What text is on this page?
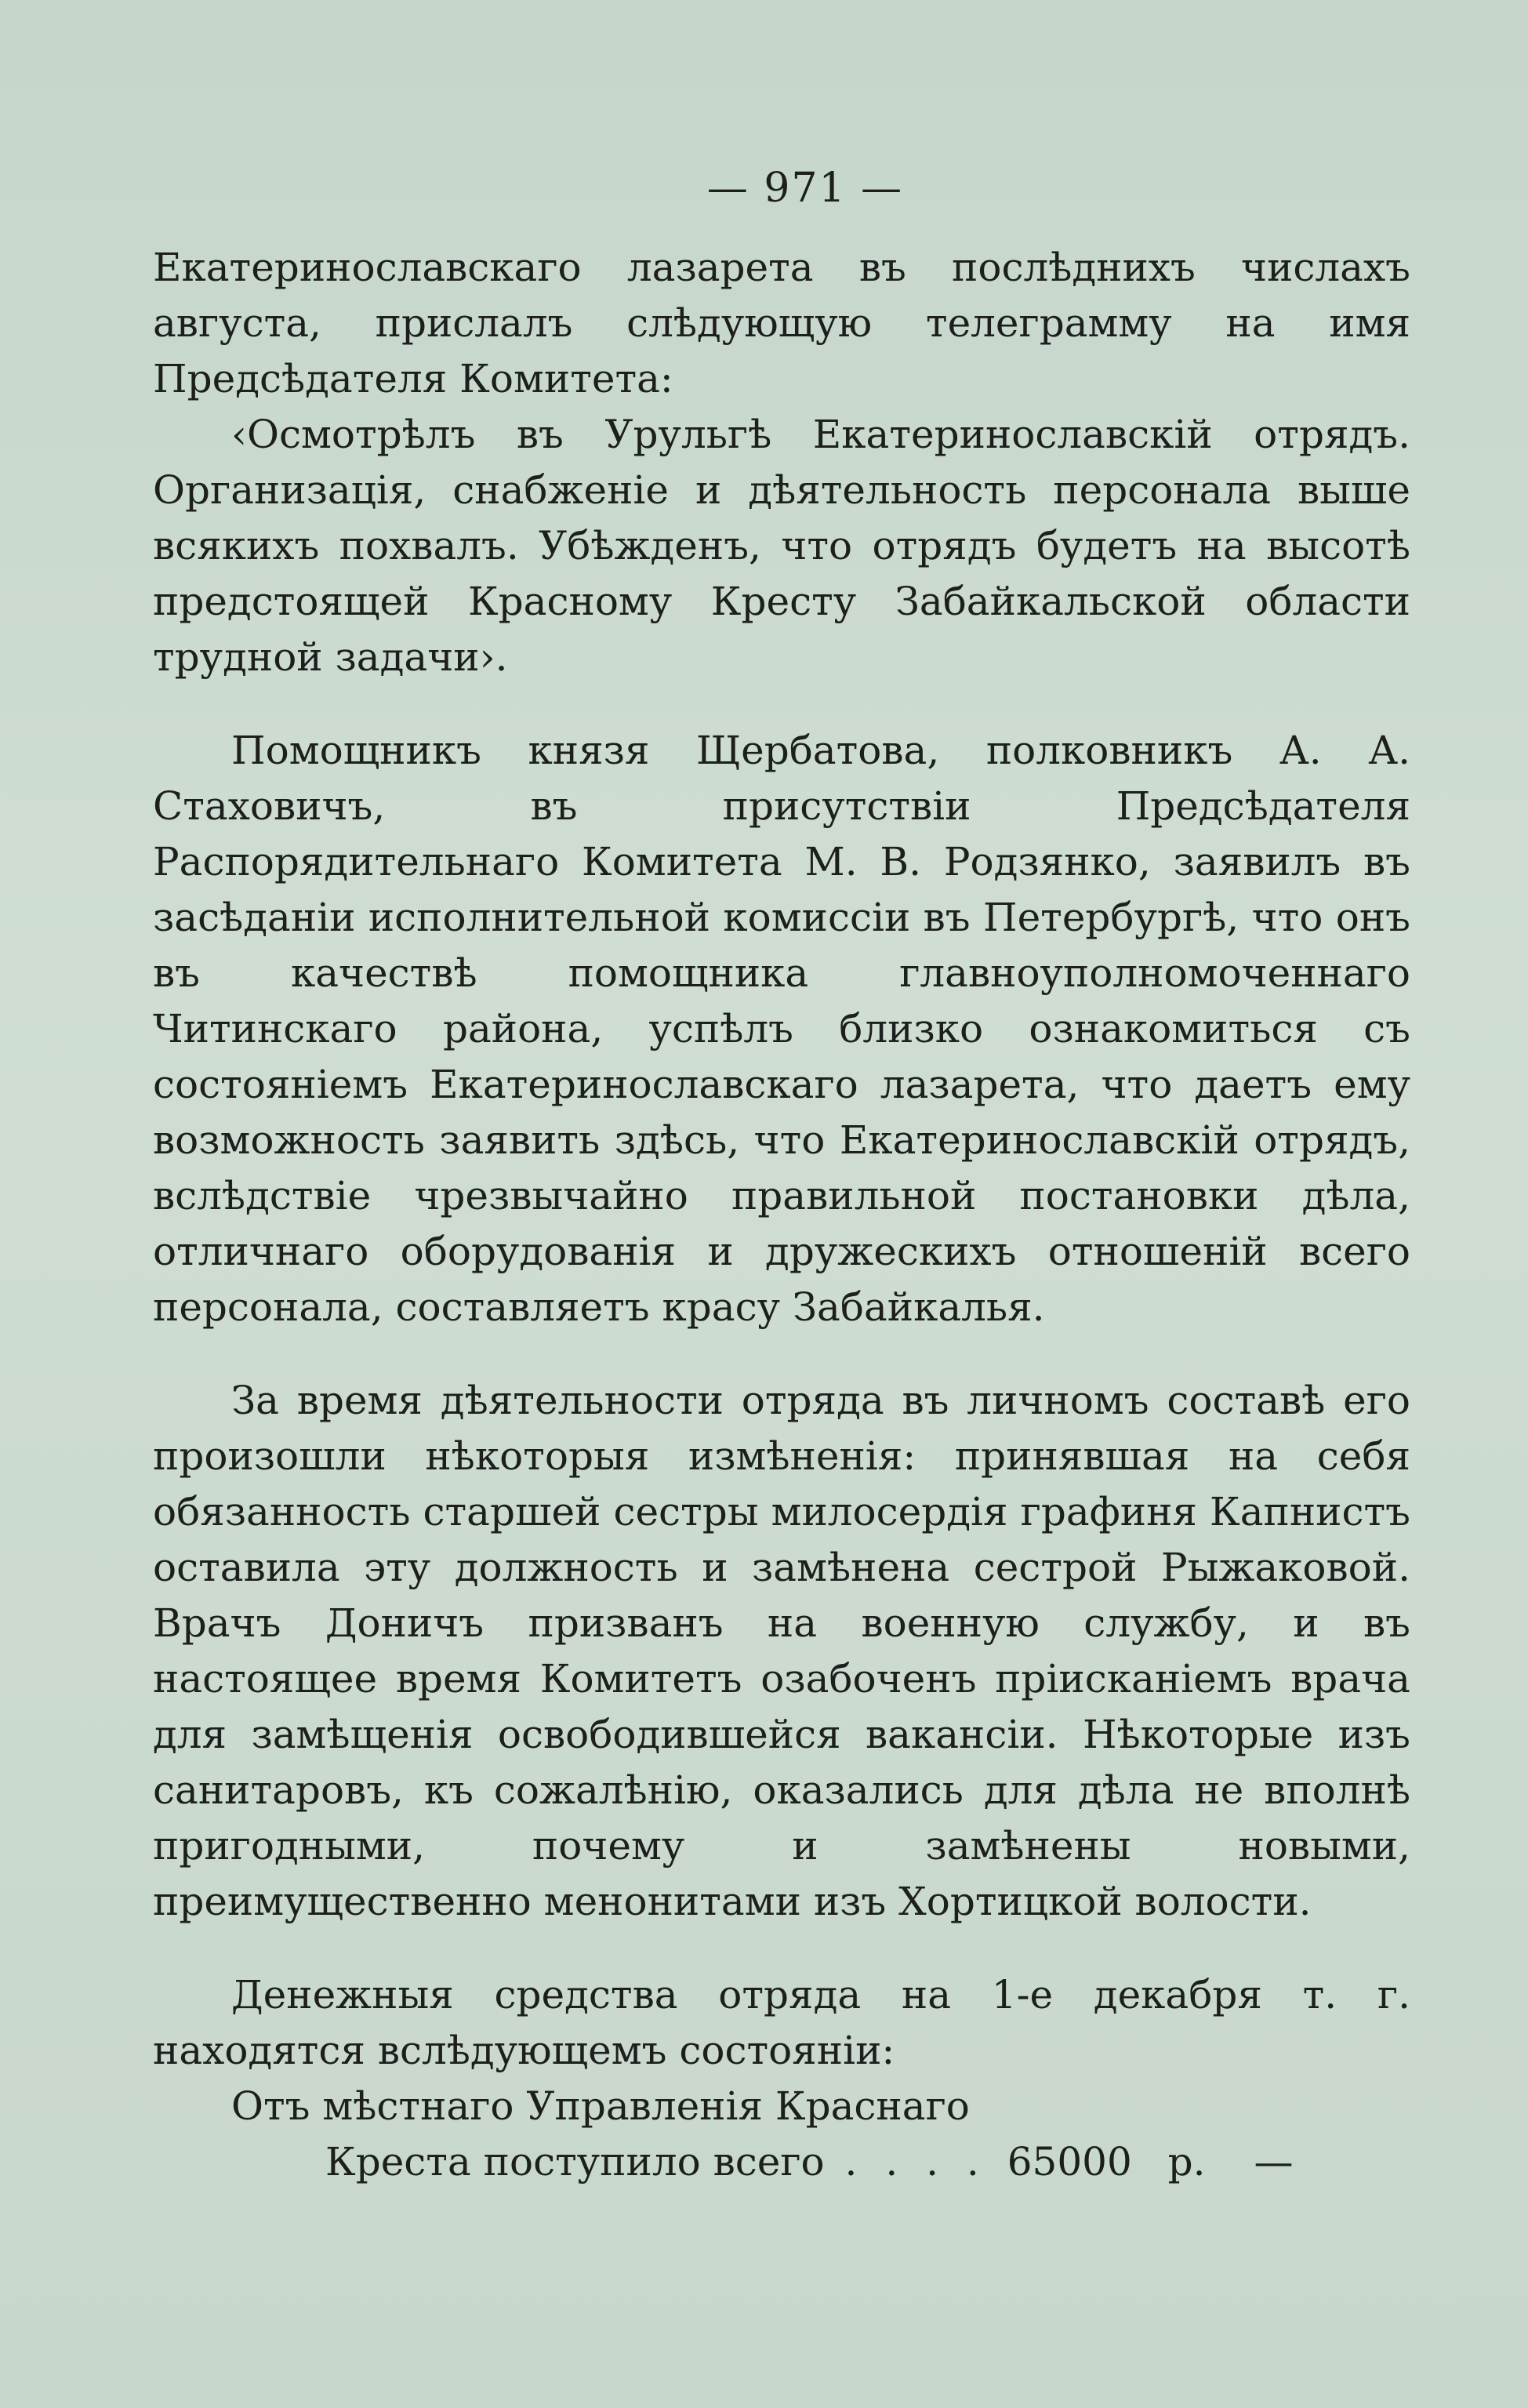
— 971 —

Екатеринославскаго лазарета въ послѣднихъ числахъ августа, прислалъ слѣдующую телеграмму на имя Предсѣдателя Комитета:

‹Осмотрѣлъ въ Урульгѣ Екатеринославскiй отрядъ. Организацiя, снабженiе и дѣятельность персонала выше всякихъ похвалъ. Убѣжденъ, что отрядъ будетъ на высотѣ предстоящей Красному Кресту Забайкальской области трудной задачи›.

Помощникъ князя Щербатова, полковникъ А. А. Стаховичъ, въ присутствiи Предсѣдателя Распорядительнаго Комитета М. В. Родзянко, заявилъ въ засѣданiи исполнительной комиссiи въ Петербургѣ, что онъ въ качествѣ помощника главноуполномоченнаго Читинскаго района, успѣлъ близко ознакомиться съ состоянiемъ Екатеринославскаго лазарета, что даетъ ему возможность заявить здѣсь, что Екатеринославскiй отрядъ, вслѣдствiе чрезвычайно правильной постановки дѣла, отличнаго оборудованiя и дружескихъ отношенiй всего персонала, составляетъ красу Забайкалья.

За время дѣятельности отряда въ личномъ составѣ его произошли нѣкоторыя измѣненiя: принявшая на себя обязанность старшей сестры милосердiя графиня Капнистъ оставила эту должность и замѣнена сестрой Рыжаковой. Врачъ Доничъ призванъ на военную службу, и въ настоящее время Комитетъ озабоченъ прiисканiемъ врача для замѣщенiя освободившейся вакансiи. Нѣкоторые изъ санитаровъ, къ сожалѣнiю, оказались для дѣла не вполнѣ пригодными, почему и замѣнены новыми, преимущественно менонитами изъ Хортицкой волости.

Денежныя средства отряда на 1-е декабря т. г. находятся вслѣдующемъ состоянiи:

Отъ мѣстнаго Управленiя Краснаго

Креста поступило всего . . . . 65000 р. —
